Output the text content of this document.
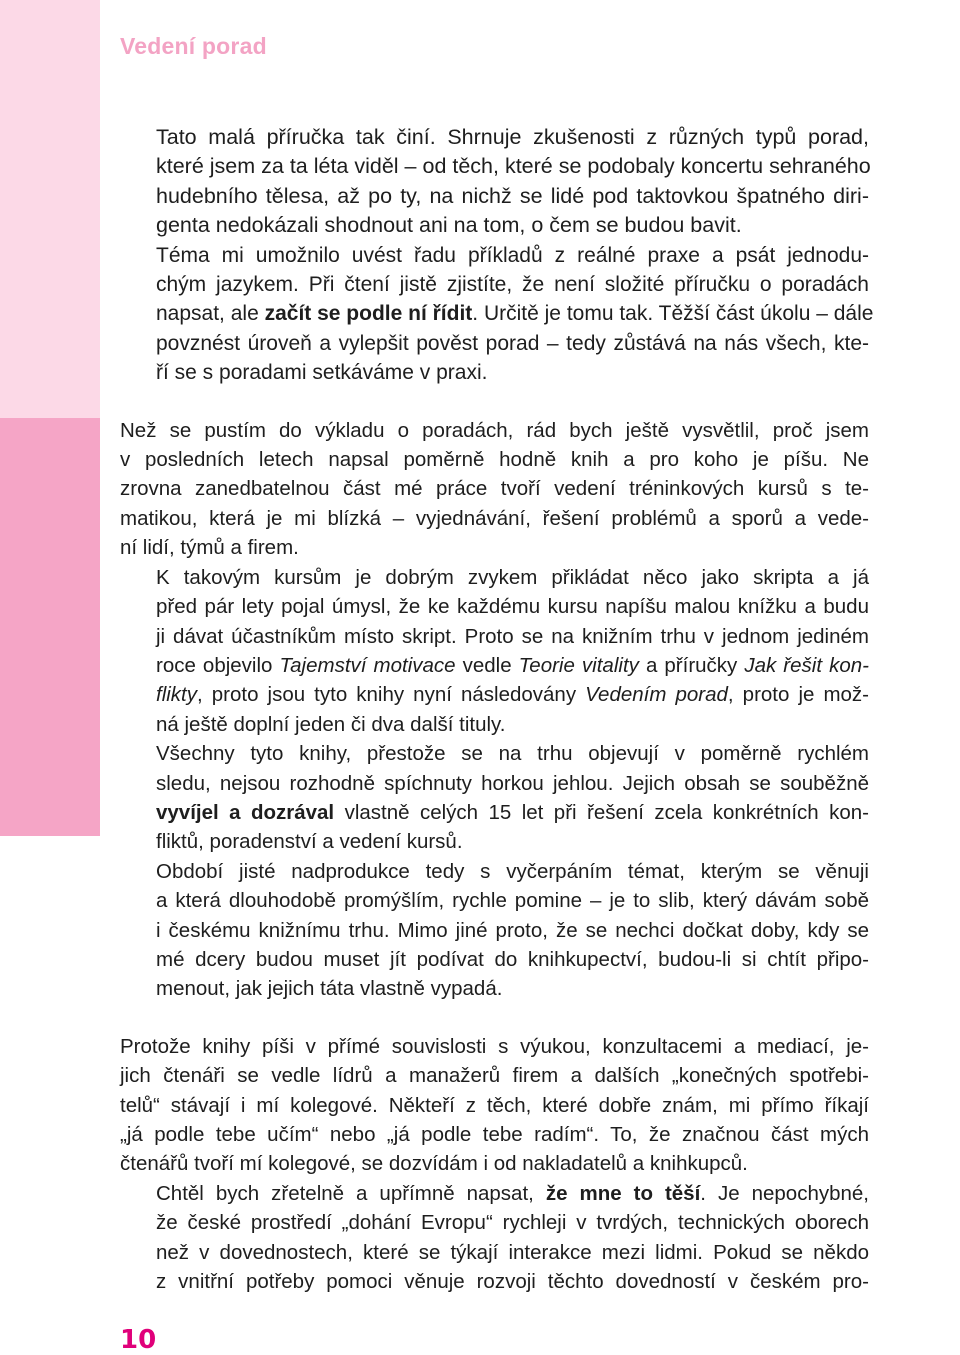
Vedení porad

Tato malá příručka tak činí. Shrnuje zkušenosti z různých typů porad,
které jsem za ta léta viděl – od těch, které se podobaly koncertu sehraného
hudebního tělesa, až po ty, na nichž se lidé pod taktovkou špatného diri-
genta nedokázali shodnout ani na tom, o čem se budou bavit.

Téma mi umožnilo uvést řadu příkladů z reálné praxe a psát jednodu-
chým jazykem. Při čtení jistě zjistíte, že není složité příručku o poradách
napsat, ale začít se podle ní řídit. Určitě je tomu tak. Těžší část úkolu – dále
povznést úroveň a vylepšit pověst porad – tedy zůstává na nás všech, kte-
ří se s poradami setkáváme v praxi.

Než se pustím do výkladu o poradách, rád bych ještě vysvětlil, proč jsem
v posledních letech napsal poměrně hodně knih a pro koho je píšu. Ne
zrovna zanedbatelnou část mé práce tvoří vedení tréninkových kursů s te-
matikou, která je mi blízká – vyjednávání, řešení problémů a sporů a vede-
ní lidí, týmů a firem.

K takovým kursům je dobrým zvykem přikládat něco jako skripta a já
před pár lety pojal úmysl, že ke každému kursu napíšu malou knížku a budu
ji dávat účastníkům místo skript. Proto se na knižním trhu v jednom jediném
roce objevilo Tajemství motivace vedle Teorie vitality a příručky Jak řešit kon-
flikty, proto jsou tyto knihy nyní následovány Vedením porad, proto je mož-
ná ještě doplní jeden či dva další tituly.

Všechny tyto knihy, přestože se na trhu objevují v poměrně rychlém
sledu, nejsou rozhodně spíchnuty horkou jehlou. Jejich obsah se souběžně
vyvíjel a dozrával vlastně celých 15 let při řešení zcela konkrétních kon-
fliktů, poradenství a vedení kursů.

Období jisté nadprodukce tedy s vyčerpáním témat, kterým se věnuji
a která dlouhodobě promýšlím, rychle pomine – je to slib, který dávám sobě
i českému knižnímu trhu. Mimo jiné proto, že se nechci dočkat doby, kdy se
mé dcery budou muset jít podívat do knihkupectví, budou-li si chtít připo-
menout, jak jejich táta vlastně vypadá.

Protože knihy píši v přímé souvislosti s výukou, konzultacemi a mediací, je-
jich čtenáři se vedle lídrů a manažerů firem a dalších „konečných spotřebi-
telů“ stávají i mí kolegové. Někteří z těch, které dobře znám, mi přímo říkají
„já podle tebe učím“ nebo „já podle tebe radím“. To, že značnou část mých
čtenářů tvoří mí kolegové, se dozvídám i od nakladatelů a knihkupců.

Chtěl bych zřetelně a upřímně napsat, že mne to těší. Je nepochybné,
že české prostředí „dohání Evropu“ rychleji v tvrdých, technických oborech
než v dovednostech, které se týkají interakce mezi lidmi. Pokud se někdo
z vnitřní potřeby pomoci věnuje rozvoji těchto dovedností v českém pro-

10
